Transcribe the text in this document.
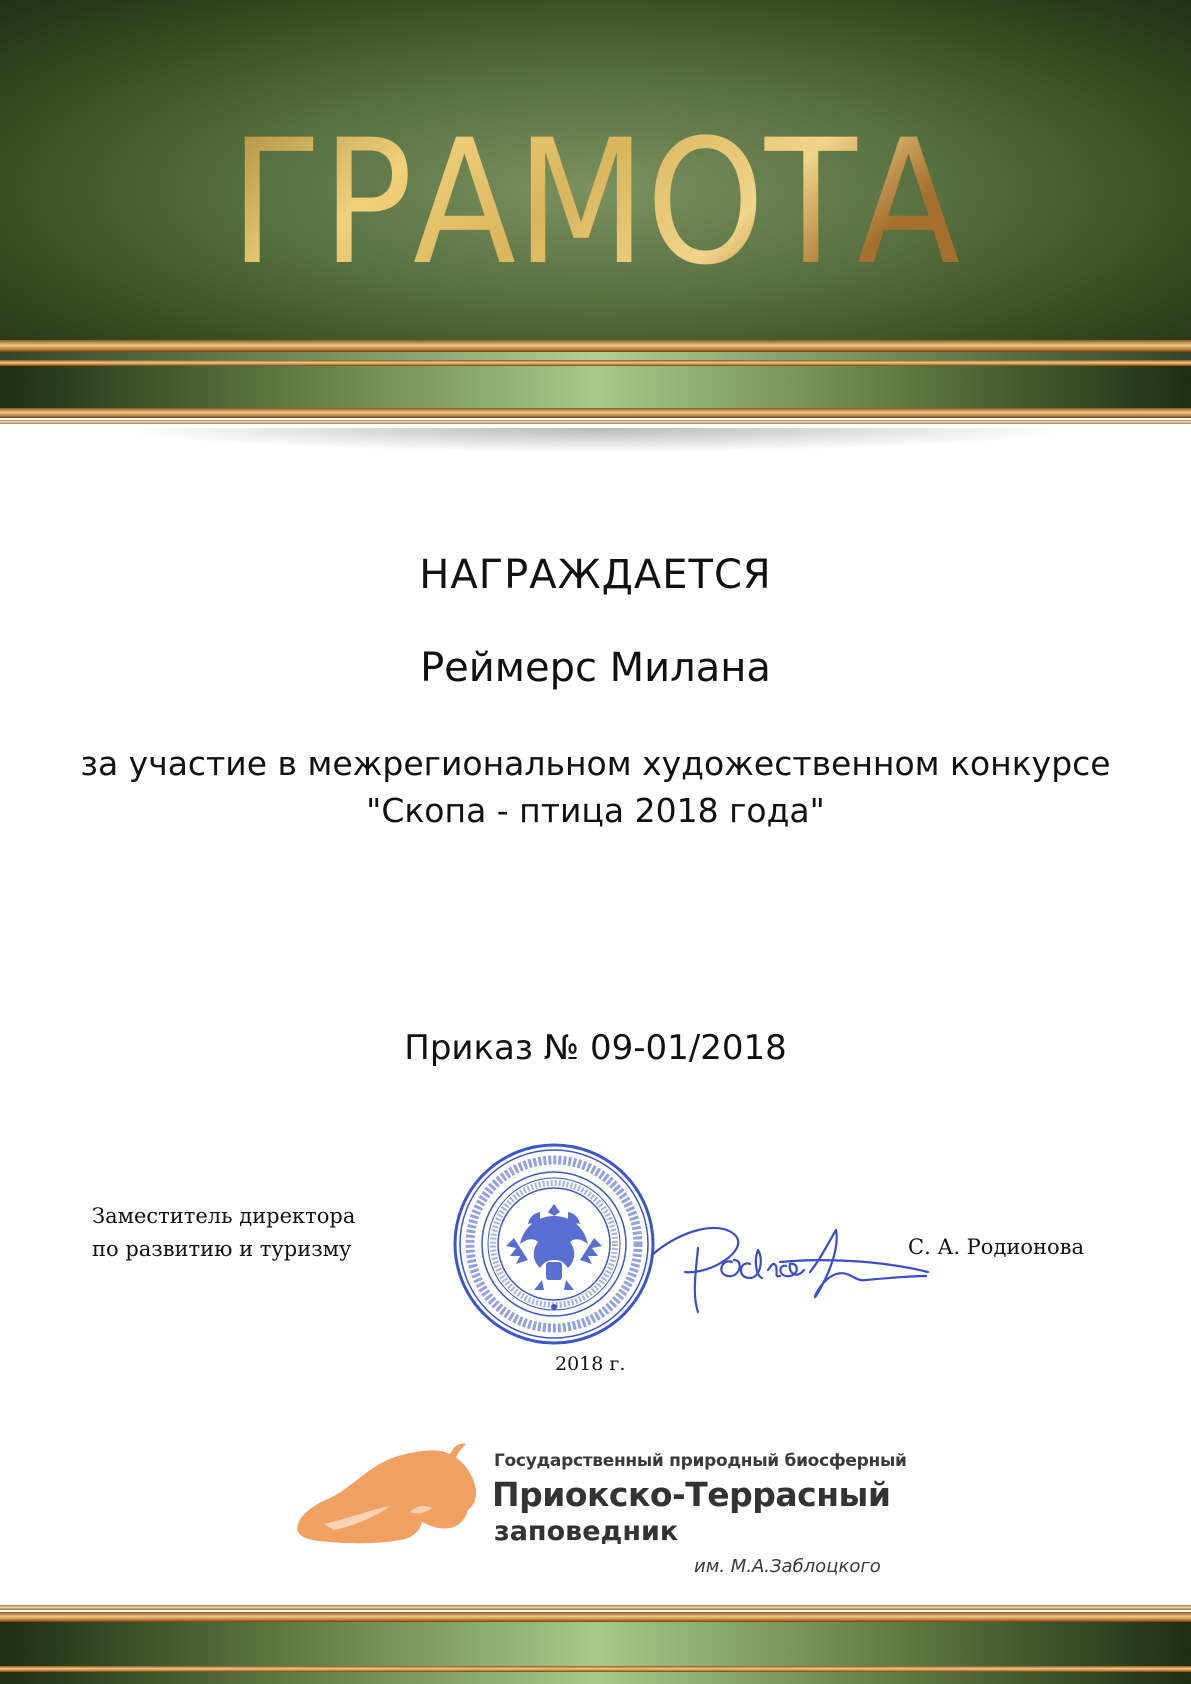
ГРАМОТА
НАГРАЖДАЕТСЯ
Реймерс Милана
за участие в межрегиональном художественном конкурсе
"Скопа - птица 2018 года"
Приказ № 09-01/2018
Заместитель директора
по развитию и туризму	С. А. Родионова
2018 г.
Государственный природный биосферный
Приокско-Террасный
заповедник
им. М.А.Заблоцкого
